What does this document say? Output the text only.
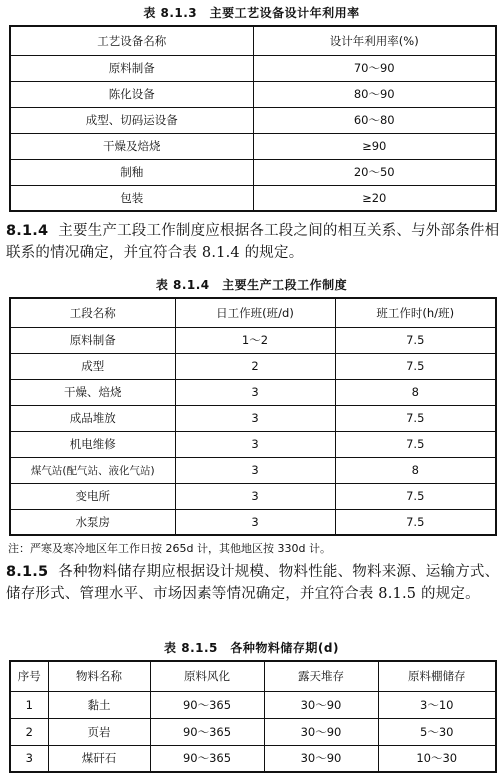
表 8.1.3　主要工艺设备设计年利用率
工艺设备名称	设计年利用率(%)
原料制备	70～90
陈化设备	80～90
成型、切码运设备	60～80
干燥及焙烧	≥90
制釉	20～50
包装	≥20
8.1.4 主要生产工段工作制度应根据各工段之间的相互关系、与外部条件相联系的情况确定，并宜符合表 8.1.4 的规定。
表 8.1.4　主要生产工段工作制度
工段名称	日工作班(班/d)	班工作时(h/班)
原料制备	1～2	7.5
成型	2	7.5
干燥、焙烧	3	8
成品堆放	3	7.5
机电维修	3	7.5
煤气站(配气站、液化气站)	3	8
变电所	3	7.5
水泵房	3	7.5
注：严寒及寒冷地区年工作日按 265d 计，其他地区按 330d 计。
8.1.5 各种物料储存期应根据设计规模、物料性能、物料来源、运输方式、储存形式、管理水平、市场因素等情况确定，并宜符合表 8.1.5 的规定。
表 8.1.5　各种物料储存期(d)
序号	物料名称	原料风化	露天堆存	原料棚储存
1	黏土	90～365	30～90	3～10
2	页岩	90～365	30～90	5～30
3	煤矸石	90～365	30～90	10～30
